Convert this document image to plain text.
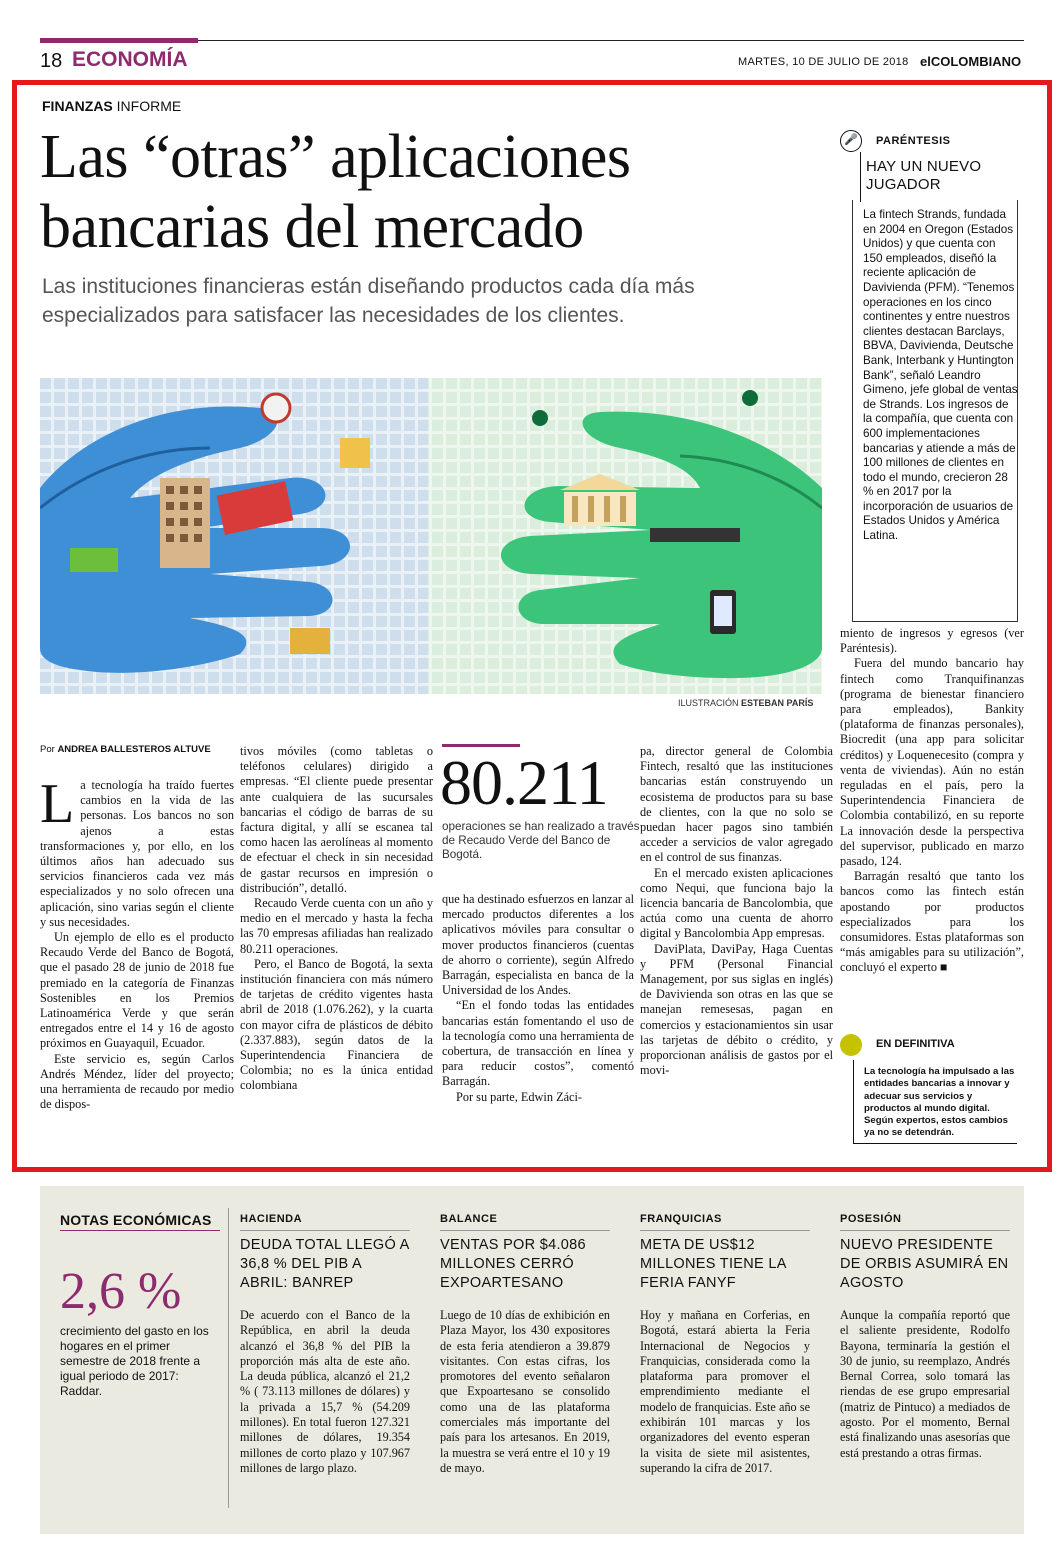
18 ECONOMÍA	MARTES, 10 DE JULIO DE 2018 elCOLOMBIANO
FINANZAS INFORME
Las “otras” aplicaciones bancarias del mercado
Las instituciones financieras están diseñando productos cada día más especializados para satisfacer las necesidades de los clientes.
ILUSTRACIÓN ESTEBAN PARÍS
🎤	PARÉNTESIS
HAY UN NUEVO JUGADOR
La fintech Strands, fundada en 2004 en Oregon (Estados Unidos) y que cuenta con 150 empleados, diseñó la reciente aplicación de Davivienda (PFM). “Tenemos operaciones en los cinco continentes y entre nuestros clientes destacan Barclays, BBVA, Davivienda, Deutsche Bank, Interbank y Huntington Bank”, señaló Leandro Gimeno, jefe global de ventas de Strands. Los ingresos de la compañía, que cuenta con 600 implementaciones bancarias y atiende a más de 100 millones de clientes en todo el mundo, crecieron 28 % en 2017 por la incorporación de usuarios de Estados Unidos y América Latina.
Por ANDREA BALLESTEROS ALTUVE

La tecnología ha traído fuertes cambios en la vida de las personas. Los bancos no son ajenos a estas transformaciones y, por ello, en los últimos años han adecuado sus servicios financieros cada vez más especializados y no solo ofrecen una aplicación, sino varias según el cliente y sus necesidades.

Un ejemplo de ello es el producto Recaudo Verde del Banco de Bogotá, que el pasado 28 de junio de 2018 fue premiado en la categoría de Finanzas Sostenibles en los Premios Latinoamérica Verde y que serán entregados entre el 14 y 16 de agosto próximos en Guayaquil, Ecuador.

Este servicio es, según Carlos Andrés Méndez, líder del proyecto; una herramienta de recaudo por medio de dispos-

tivos móviles (como tabletas o teléfonos celulares) dirigido a empresas. “El cliente puede presentar ante cualquiera de las sucursales bancarias el código de barras de su factura digital, y allí se escanea tal como hacen las aerolíneas al momento de efectuar el check in sin necesidad de gastar recursos en impresión o distribución”, detalló.

Recaudo Verde cuenta con un año y medio en el mercado y hasta la fecha las 70 empresas afiliadas han realizado 80.211 operaciones.

Pero, el Banco de Bogotá, la sexta institución financiera con más número de tarjetas de crédito vigentes hasta abril de 2018 (1.076.262), y la cuarta con mayor cifra de plásticos de débito (2.337.883), según datos de la Superintendencia Financiera de Colombia; no es la única entidad colombiana

80.211
operaciones se han realizado a través de Recaudo Verde del Banco de Bogotá.

que ha destinado esfuerzos en lanzar al mercado productos diferentes a los aplicativos móviles para consultar o mover productos financieros (cuentas de ahorro o corriente), según Alfredo Barragán, especialista en banca de la Universidad de los Andes.

“En el fondo todas las entidades bancarias están fomentando el uso de la tecnología como una herramienta de cobertura, de transacción en línea y para reducir costos”, comentó Barragán.

Por su parte, Edwin Záci-

pa, director general de Colombia Fintech, resaltó que las instituciones bancarias están construyendo un ecosistema de productos para su base de clientes, con la que no solo se puedan hacer pagos sino también acceder a servicios de valor agregado en el control de sus finanzas.

En el mercado existen aplicaciones como Nequi, que funciona bajo la licencia bancaria de Bancolombia, que actúa como una cuenta de ahorro digital y Bancolombia App empresas.

DaviPlata, DaviPay, Haga Cuentas y PFM (Personal Financial Management, por sus siglas en inglés) de Davivienda son otras en las que se manejan remesesas, pagan en comercios y estacionamientos sin usar las tarjetas de débito o crédito, y proporcionan análisis de gastos por el movi-

miento de ingresos y egresos (ver Paréntesis).

Fuera del mundo bancario hay fintech como Tranquifinanzas (programa de bienestar financiero para empleados), Bankity (plataforma de finanzas personales), Biocredit (una app para solicitar créditos) y Loquenecesito (compra y venta de viviendas). Aún no están reguladas en el país, pero la Superintendencia Financiera de Colombia contabilizó, en su reporte La innovación desde la perspectiva del supervisor, publicado en marzo pasado, 124.

Barragán resaltó que tanto los bancos como las fintech están apostando por productos especializados para los consumidores. Estas plataformas son “más amigables para su utilización”, concluyó el experto ■

EN DEFINITIVA
La tecnología ha impulsado a las entidades bancarias a innovar y adecuar sus servicios y productos al mundo digital. Según expertos, estos cambios ya no se detendrán.
NOTAS ECONÓMICAS
2,6 %
crecimiento del gasto en los hogares en el primer semestre de 2018 frente a igual periodo de 2017: Raddar.
HACIENDA
DEUDA TOTAL LLEGÓ A 36,8 % DEL PIB A ABRIL: BANREP
De acuerdo con el Banco de la República, en abril la deuda alcanzó el 36,8 % del PIB la proporción más alta de este año. La deuda pública, alcanzó el 21,2 % ( 73.113 millones de dólares) y la privada a 15,7 % (54.209 millones). En total fueron 127.321 millones de dólares, 19.354 millones de corto plazo y 107.967 millones de largo plazo.
BALANCE
VENTAS POR $4.086 MILLONES CERRÓ EXPOARTESANO
Luego de 10 días de exhibición en Plaza Mayor, los 430 expositores de esta feria atendieron a 39.879 visitantes. Con estas cifras, los promotores del evento señalaron que Expoartesano se consolido como una de las plataforma comerciales más importante del país para los artesanos. En 2019, la muestra se verá entre el 10 y 19 de mayo.
FRANQUICIAS
META DE US$12 MILLONES TIENE LA FERIA FANYF
Hoy y mañana en Corferias, en Bogotá, estará abierta la Feria Internacional de Negocios y Franquicias, considerada como la plataforma para promover el emprendimiento mediante el modelo de franquicias. Este año se exhibirán 101 marcas y los organizadores del evento esperan la visita de siete mil asistentes, superando la cifra de 2017.
POSESIÓN
NUEVO PRESIDENTE DE ORBIS ASUMIRÁ EN AGOSTO
Aunque la compañía reportó que el saliente presidente, Rodolfo Bayona, terminaría la gestión el 30 de junio, su reemplazo, Andrés Bernal Correa, solo tomará las riendas de ese grupo empresarial (matriz de Pintuco) a mediados de agosto. Por el momento, Bernal está finalizando unas asesorías que está prestando a otras firmas.
